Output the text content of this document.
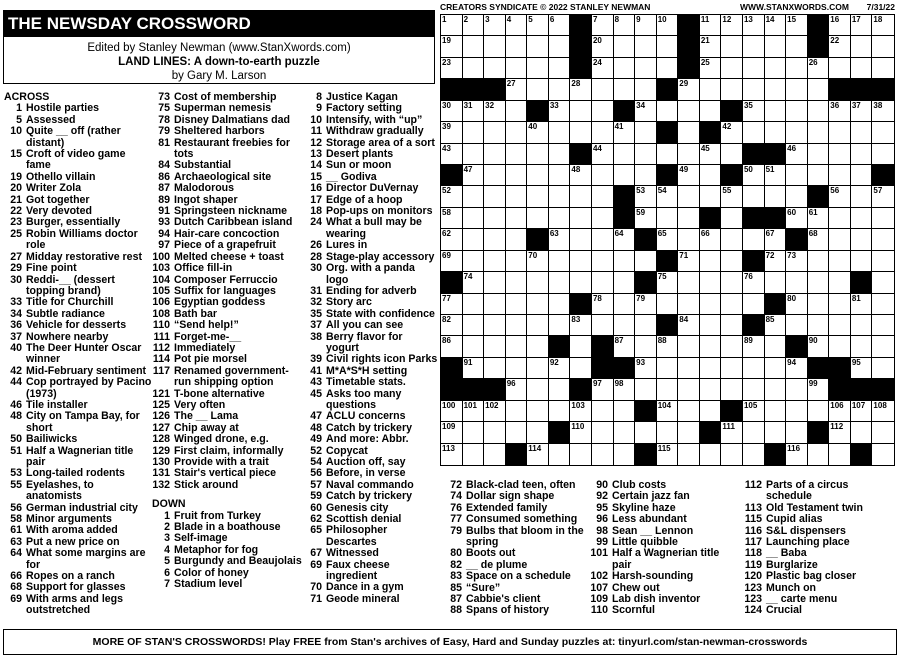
THE NEWSDAY CROSSWORD
Edited by Stanley Newman (www.StanXwords.com)
LAND LINES: A down-to-earth puzzle
by Gary M. Larson
CREATORS SYNDICATE © 2022 STANLEY NEWMAN	WWW.STANXWORDS.COM 7/31/22
1 2 3 4 5 6	7 8 9 10	11 12 13 14 15	16 17 18
19	20	21	22
23	24	25	26
27	28	29
30 31 32	33	34	35	36 37 38
39	40	41	42
43	44	45	46
47	48	49	50 51
52	53 54	55	56	57
58	59	60 61
62	63	64	65	66	67	68
69	70	71	72 73
74	75	76
77	78	79	80	81
82	83	84	85
86	87	88	89	90
91	92	93	94	95
96	97 98	99
100 101 102	103	104	105	106 107 108
109	110	111	112
113	114	115	116
ACROSS
1 Hostile parties
5 Assessed
10 Quite __ off (rather distant)
15 Croft of video game fame
19 Othello villain
20 Writer Zola
21 Got together
22 Very devoted
23 Burger, essentially
25 Robin Williams doctor role
27 Midday restorative rest
29 Fine point
30 Reddi-__ (dessert topping brand)
33 Title for Churchill
34 Subtle radiance
36 Vehicle for desserts
37 Nowhere nearby
40 The Deer Hunter Oscar winner
42 Mid-February sentiment
44 Cop portrayed by Pacino (1973)
46 Tile installer
48 City on Tampa Bay, for short
50 Bailiwicks
51 Half a Wagnerian title pair
53 Long-tailed rodents
55 Eyelashes, to anatomists
56 German industrial city
58 Minor arguments
61 With aroma added
63 Put a new price on
64 What some margins are for
66 Ropes on a ranch
68 Support for glasses
69 With arms and legs outstretched
73 Cost of membership
75 Superman nemesis
78 Disney Dalmatians dad
79 Sheltered harbors
81 Restaurant freebies for tots
84 Substantial
86 Archaeological site
87 Malodorous
89 Ingot shaper
91 Springsteen nickname
93 Dutch Caribbean island
94 Hair-care concoction
97 Piece of a grapefruit
100 Melted cheese + toast
103 Office fill-in
104 Composer Ferruccio
105 Suffix for languages
106 Egyptian goddess
108 Bath bar
110 “Send help!”
111 Forget-me-__
112 Immediately
114 Pot pie morsel
117 Renamed government-run shipping option
121 T-bone alternative
125 Very often
126 The __ Lama
127 Chip away at
128 Winged drone, e.g.
129 First claim, informally
130 Provide with a trait
131 Stair's vertical piece
132 Stick around
DOWN
1 Fruit from Turkey
2 Blade in a boathouse
3 Self-image
4 Metaphor for fog
5 Burgundy and Beaujolais
6 Color of honey
7 Stadium level
8 Justice Kagan
9 Factory setting
10 Intensify, with “up”
11 Withdraw gradually
12 Storage area of a sort
13 Desert plants
14 Sun or moon
15 __ Godiva
16 Director DuVernay
17 Edge of a hoop
18 Pop-ups on monitors
24 What a bull may be wearing
26 Lures in
28 Stage-play accessory
30 Org. with a panda logo
31 Ending for adverb
32 Story arc
35 State with confidence
37 All you can see
38 Berry flavor for yogurt
39 Civil rights icon Parks
41 M*A*S*H setting
43 Timetable stats.
45 Asks too many questions
47 ACLU concerns
48 Catch by trickery
49 And more: Abbr.
52 Copycat
54 Auction off, say
56 Before, in verse
57 Naval commando
59 Catch by trickery
60 Genesis city
62 Scottish denial
65 Philosopher Descartes
67 Witnessed
69 Faux cheese ingredient
70 Dance in a gym
71 Geode mineral
72 Black-clad teen, often
74 Dollar sign shape
76 Extended family
77 Consumed something
79 Bulbs that bloom in the spring
80 Boots out
82 __ de plume
83 Space on a schedule
85 “Sure”
87 Cabbie's client
88 Spans of history
90 Club costs
92 Certain jazz fan
95 Skyline haze
96 Less abundant
98 Sean __ Lennon
99 Little quibble
101 Half a Wagnerian title pair
102 Harsh-sounding
107 Chew out
109 Lab dish inventor
110 Scornful
112 Parts of a circus schedule
113 Old Testament twin
115 Cupid alias
116 S&L dispensers
117 Launching place
118 __ Baba
119 Burglarize
120 Plastic bag closer
123 Munch on
123 __ carte menu
124 Crucial
MORE OF STAN'S CROSSWORDS! Play FREE from Stan's archives of Easy, Hard and Sunday puzzles at: tinyurl.com/stan-newman-crosswords
